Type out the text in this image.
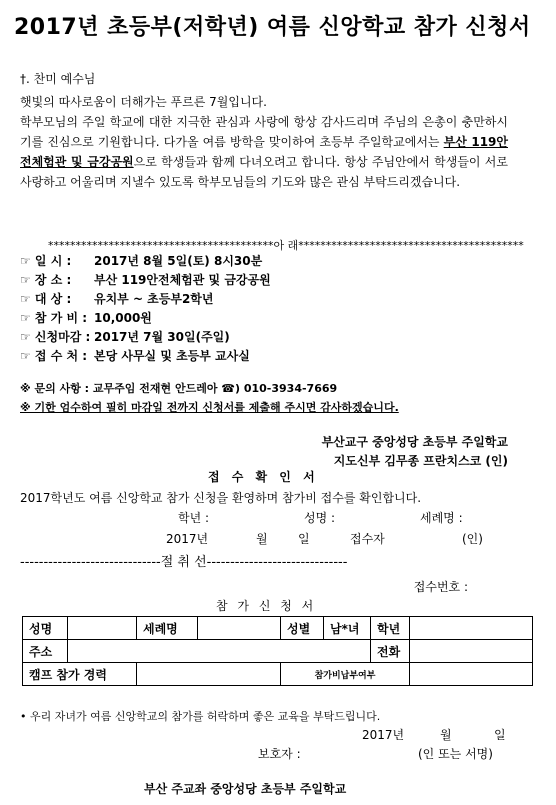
2017년 초등부(저학년) 여름 신앙학교 참가 신청서
†. 찬미 예수님
햇빛의 따사로움이 더해가는 푸르른 7월입니다.
학부모님의 주일 학교에 대한 지극한 관심과 사랑에 항상 감사드리며 주님의 은총이 충만하시기를 진심으로 기원합니다. 다가올 여름 방학을 맞이하여 초등부 주일학교에서는 부산 119안전체험관 및 금강공원으로 학생들과 함께 다녀오려고 합니다. 항상 주님안에서 학생들이 서로 사랑하고 어울리며 지낼수 있도록 학부모님들의 기도와 많은 관심 부탁드리겠습니다.
*****************************************아 래*****************************************
☞ 일 시 : 2017년 8월 5일(토) 8시30분
☞ 장 소 : 부산 119안전체험관 및 금강공원
☞ 대 상 : 유치부 ~ 초등부2학년
☞ 참 가 비 : 10,000원
☞ 신청마감 : 2017년 7월 30일(주일)
☞ 접 수 처 : 본당 사무실 및 초등부 교사실
※ 문의 사항 : 교무주임 전재현 안드레아 ☎) 010-3934-7669
※ 기한 엄수하여 필히 마감일 전까지 신청서를 제출해 주시면 감사하겠습니다.
부산교구 중앙성당 초등부 주일학교
지도신부 김무종 프란치스코 (인)
접 수 확 인 서
2017학년도 여름 신앙학교 참가 신청을 환영하며 참가비 접수를 확인합니다.
학년 :	성명 :	세례명 :
2017년	월	일	접수자	(인)
------------------------------절 취 선------------------------------
접수번호 :
참 가 신 청 서
성명		세례명		성별	남*녀	학년	
주소						전화	
캠프 참가 경력				참가비납부여부			
• 우리 자녀가 여름 신앙학교의 참가를 허락하며 좋은 교육을 부탁드립니다.
2017년	월	일
보호자 :	(인 또는 서명)
부산 주교좌 중앙성당 초등부 주일학교
